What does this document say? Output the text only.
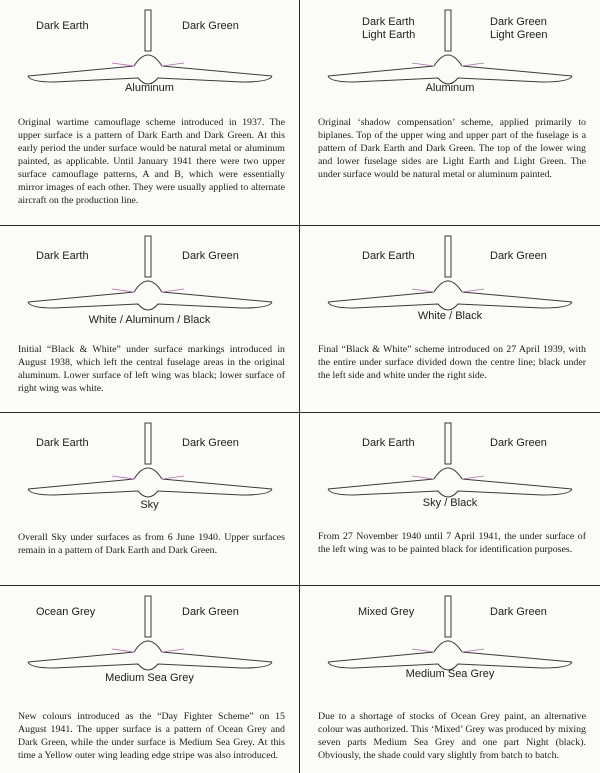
Dark Earth	Dark Green
Aluminum
Original wartime camouflage scheme introduced in 1937. The upper surface is a pattern of Dark Earth and Dark Green. At this early period the under surface would be natural metal or aluminum painted, as applicable. Until January 1941 there were two upper surface camouflage patterns, A and B, which were essentially mirror images of each other. They were usually applied to alternate aircraft on the production line.
Dark Earth
Light Earth
Dark Green
Light Green
Aluminum
Original ‘shadow compensation’ scheme, applied primarily to biplanes. Top of the upper wing and upper part of the fuselage is a pattern of Dark Earth and Dark Green. The top of the lower wing and lower fuselage sides are Light Earth and Light Green. The under surface would be natural metal or aluminum painted.
Dark Earth	Dark Green
White / Aluminum / Black
Initial “Black & White” under surface markings introduced in August 1938, which left the central fuselage areas in the original aluminum. Lower surface of left wing was black; lower surface of right wing was white.
Dark Earth	Dark Green
White / Black
Final “Black & White” scheme introduced on 27 April 1939, with the entire under surface divided down the centre line; black under the left side and white under the right side.
Dark Earth	Dark Green
Sky
Overall Sky under surfaces as from 6 June 1940. Upper surfaces remain in a pattern of Dark Earth and Dark Green.
Dark Earth	Dark Green
Sky / Black
From 27 November 1940 until 7 April 1941, the under surface of the left wing was to be painted black for identification purposes.
Ocean Grey	Dark Green
Medium Sea Grey
New colours introduced as the “Day Fighter Scheme” on 15 August 1941. The upper surface is a pattern of Ocean Grey and Dark Green, while the under surface is Medium Sea Grey. At this time a Yellow outer wing leading edge stripe was also introduced.
Mixed Grey	Dark Green
Medium Sea Grey
Due to a shortage of stocks of Ocean Grey paint, an alternative colour was authorized. This ‘Mixed’ Grey was produced by mixing seven parts Medium Sea Grey and one part Night (black). Obviously, the shade could vary slightly from batch to batch.
